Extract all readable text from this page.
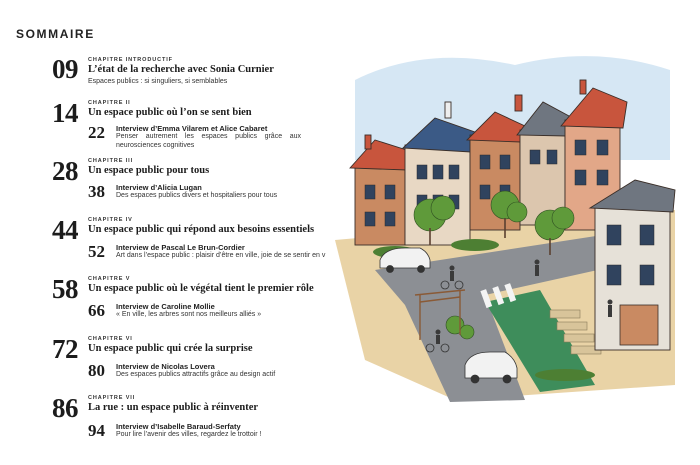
SOMMAIRE
09 CHAPITRE INTRODUCTIF
L’état de la recherche avec Sonia Curnier
Espaces publics : si singuliers, si semblables
14 CHAPITRE II
Un espace public où l’on se sent bien
22 Interview d’Emma Vilarem et Alice Cabaret
Penser autrement les espaces publics grâce aux neurosciences cognitives
28 CHAPITRE III
Un espace public pour tous
38 Interview d’Alicia Lugan
Des espaces publics divers et hospitaliers pour tous
44 CHAPITRE IV
Un espace public qui répond aux besoins essentiels
52 Interview de Pascal Le Brun-Cordier
Art dans l’espace public : plaisir d’être en ville, joie de se sentir en v
58 CHAPITRE V
Un espace public où le végétal tient le premier rôle
66 Interview de Caroline Mollie
« En ville, les arbres sont nos meilleurs alliés »
72 CHAPITRE VI
Un espace public qui crée la surprise
80 Interview de Nicolas Lovera
Des espaces publics attractifs grâce au design actif
86 CHAPITRE VII
La rue : un espace public à réinventer
94 Interview d’Isabelle Baraud-Serfaty
Pour lire l’avenir des villes, regardez le trottoir !
